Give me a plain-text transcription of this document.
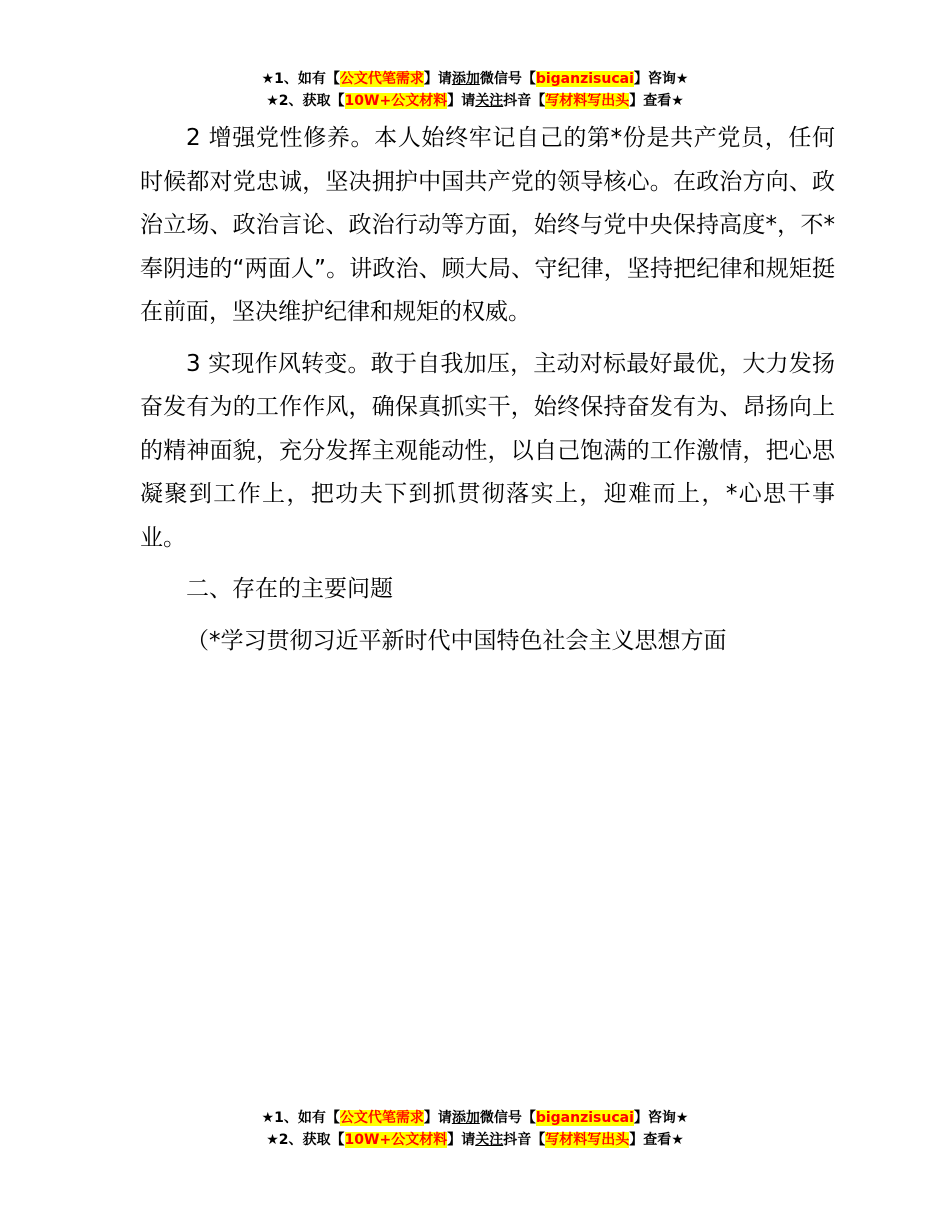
★1、如有【公文代笔需求】请添加微信号【biganzisucai】咨询★
★2、获取【10W+公文材料】请关注抖音【写材料写出头】查看★

2 增强党性修养。本人始终牢记自己的第*份是共产党员，任何时候都对党忠诚，坚决拥护中国共产党的领导核心。在政治方向、政治立场、政治言论、政治行动等方面，始终与党中央保持高度*，不*奉阴违的“两面人”。讲政治、顾大局、守纪律，坚持把纪律和规矩挺在前面，坚决维护纪律和规矩的权威。

3 实现作风转变。敢于自我加压，主动对标最好最优，大力发扬奋发有为的工作作风，确保真抓实干，始终保持奋发有为、昂扬向上的精神面貌，充分发挥主观能动性，以自己饱满的工作激情，把心思凝聚到工作上，把功夫下到抓贯彻落实上，迎难而上，*心思干事业。

二、存在的主要问题

（*学习贯彻习近平新时代中国特色社会主义思想方面

★1、如有【公文代笔需求】请添加微信号【biganzisucai】咨询★
★2、获取【10W+公文材料】请关注抖音【写材料写出头】查看★
